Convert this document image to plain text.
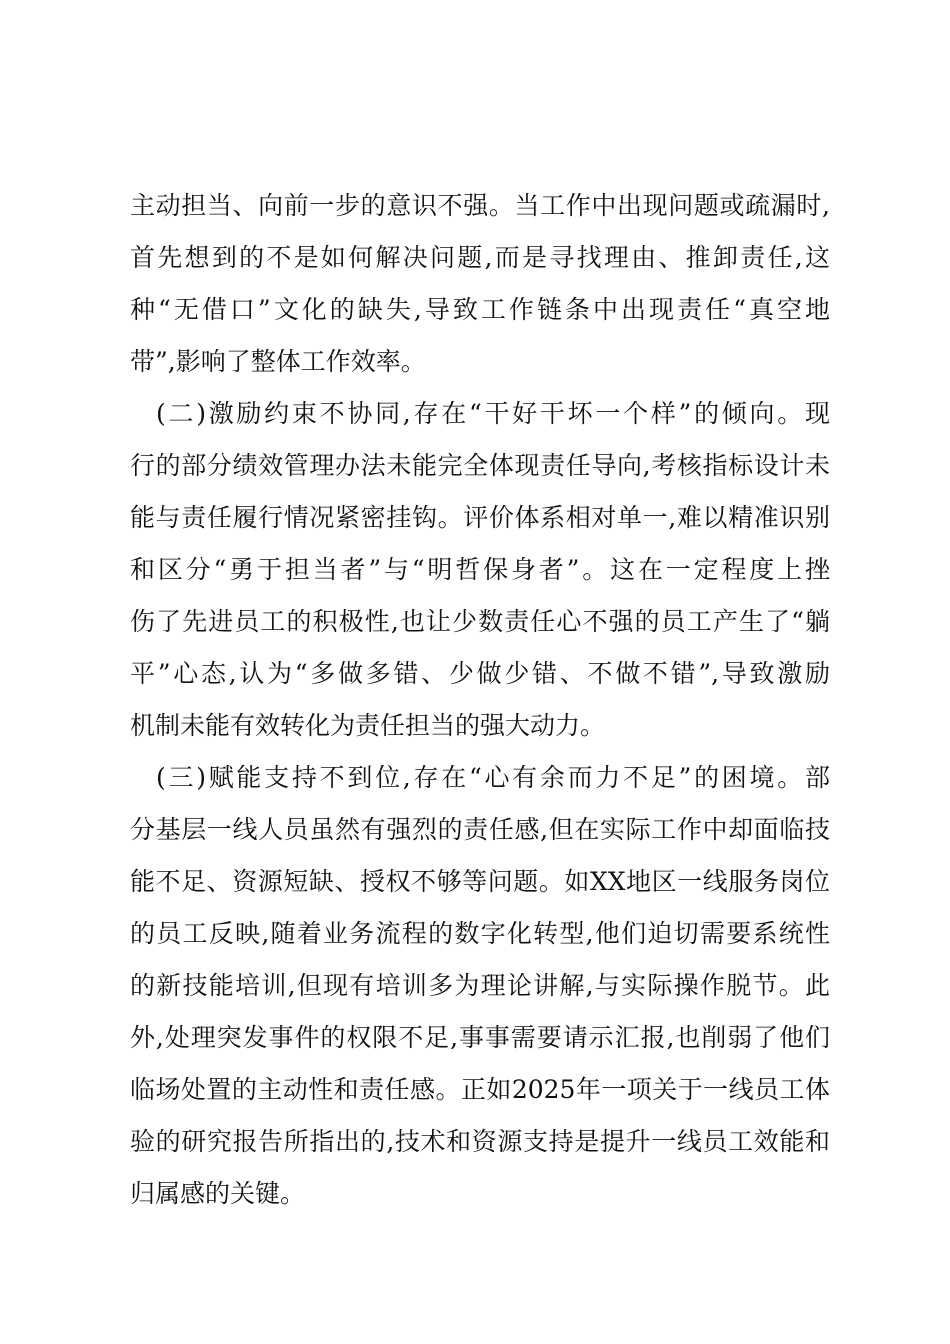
主动担当、向前一步的意识不强。当工作中出现问题或疏漏时,
首先想到的不是如何解决问题,而是寻找理由、推卸责任,这
种“无借口”文化的缺失,导致工作链条中出现责任“真空地
带”,影响了整体工作效率。
(二)激励约束不协同,存在“干好干坏一个样”的倾向。现
行的部分绩效管理办法未能完全体现责任导向,考核指标设计未
能与责任履行情况紧密挂钩。评价体系相对单一,难以精准识别
和区分“勇于担当者”与“明哲保身者”。这在一定程度上挫
伤了先进员工的积极性,也让少数责任心不强的员工产生了“躺
平”心态,认为“多做多错、少做少错、不做不错”,导致激励
机制未能有效转化为责任担当的强大动力。
(三)赋能支持不到位,存在“心有余而力不足”的困境。部
分基层一线人员虽然有强烈的责任感,但在实际工作中却面临技
能不足、资源短缺、授权不够等问题。如XX地区一线服务岗位
的员工反映,随着业务流程的数字化转型,他们迫切需要系统性
的新技能培训,但现有培训多为理论讲解,与实际操作脱节。此
外,处理突发事件的权限不足,事事需要请示汇报,也削弱了他们
临场处置的主动性和责任感。正如2025年一项关于一线员工体
验的研究报告所指出的,技术和资源支持是提升一线员工效能和
归属感的关键。
